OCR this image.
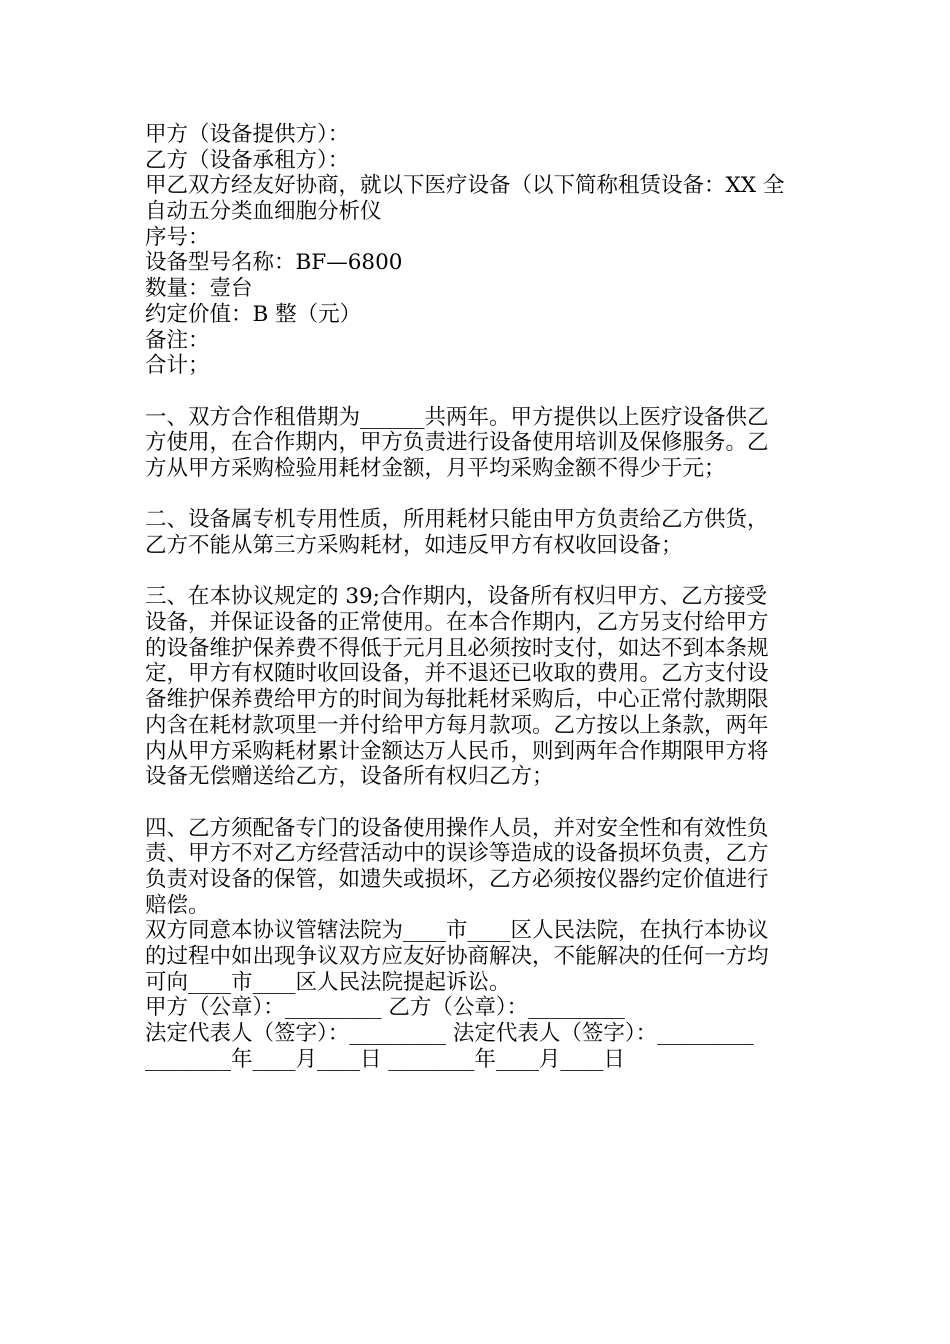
甲方（设备提供方）：
乙方（设备承租方）：
甲乙双方经友好协商，就以下医疗设备（以下简称租赁设备：XX 全
自动五分类血细胞分析仪
序号：
设备型号名称：BF—6800
数量：壹台
约定价值：B 整（元）
备注：
合计；
一、双方合作租借期为______共两年。甲方提供以上医疗设备供乙
方使用，在合作期内，甲方负责进行设备使用培训及保修服务。乙
方从甲方采购检验用耗材金额，月平均采购金额不得少于元；
二、设备属专机专用性质，所用耗材只能由甲方负责给乙方供货，
乙方不能从第三方采购耗材，如违反甲方有权收回设备；
三、在本协议规定的 39;合作期内，设备所有权归甲方、乙方接受
设备，并保证设备的正常使用。在本合作期内，乙方另支付给甲方
的设备维护保养费不得低于元月且必须按时支付，如达不到本条规
定，甲方有权随时收回设备，并不退还已收取的费用。乙方支付设
备维护保养费给甲方的时间为每批耗材采购后，中心正常付款期限
内含在耗材款项里一并付给甲方每月款项。乙方按以上条款，两年
内从甲方采购耗材累计金额达万人民币，则到两年合作期限甲方将
设备无偿赠送给乙方，设备所有权归乙方；
四、乙方须配备专门的设备使用操作人员，并对安全性和有效性负
责、甲方不对乙方经营活动中的误诊等造成的设备损坏负责，乙方
负责对设备的保管，如遗失或损坏，乙方必须按仪器约定价值进行
赔偿。
双方同意本协议管辖法院为____市____区人民法院，在执行本协议
的过程中如出现争议双方应友好协商解决，不能解决的任何一方均
可向____市____区人民法院提起诉讼。
甲方（公章）：_________ 乙方（公章）：_________
法定代表人（签字）：_________ 法定代表人（签字）：_________
________年____月____日 ________年____月____日
